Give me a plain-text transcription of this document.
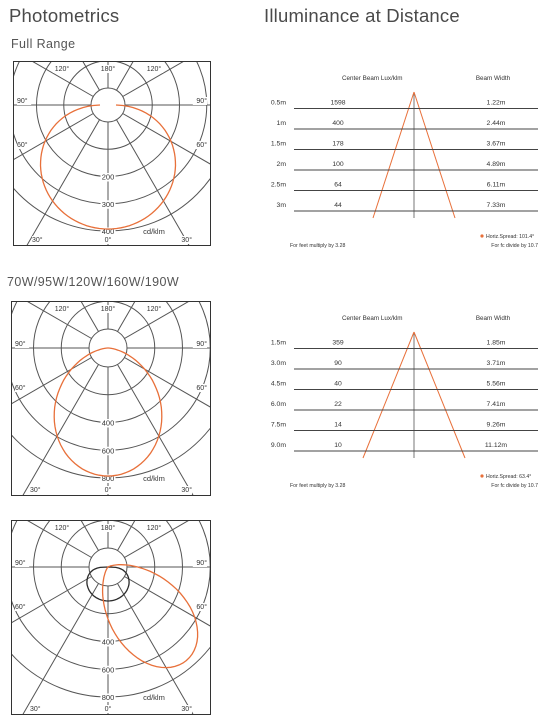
Photometrics	Illuminance at Distance
Full Range
70W/95W/120W/160W/190W
120°	180°	120°
90°	90°
60°	60°
30°	30°
0°
200
300
400	cd/klm
120°	180°	120°
90°	90°
60°	60°
30°	30°
0°
400
600
800	cd/klm
120°	180°	120°
90°	90°
60°	60°
30°	30°
0°
400
600
800	cd/klm
Center Beam Lux/klm	Beam Width
0.5m	1598	1.22m
1m	400	2.44m
1.5m	178	3.67m
2m	100	4.89m
2.5m	64	6.11m
3m	44	7.33m
Horiz.Spread: 101.4°
For feet multiply by 3.28	For fc divide by 10.7
Center Beam Lux/klm	Beam Width
1.5m	359	1.85m
3.0m	90	3.71m
4.5m	40	5.56m
6.0m	22	7.41m
7.5m	14	9.26m
9.0m	10	11.12m
Horiz.Spread: 63.4°
For feet multiply by 3.28	For fc divide by 10.7
